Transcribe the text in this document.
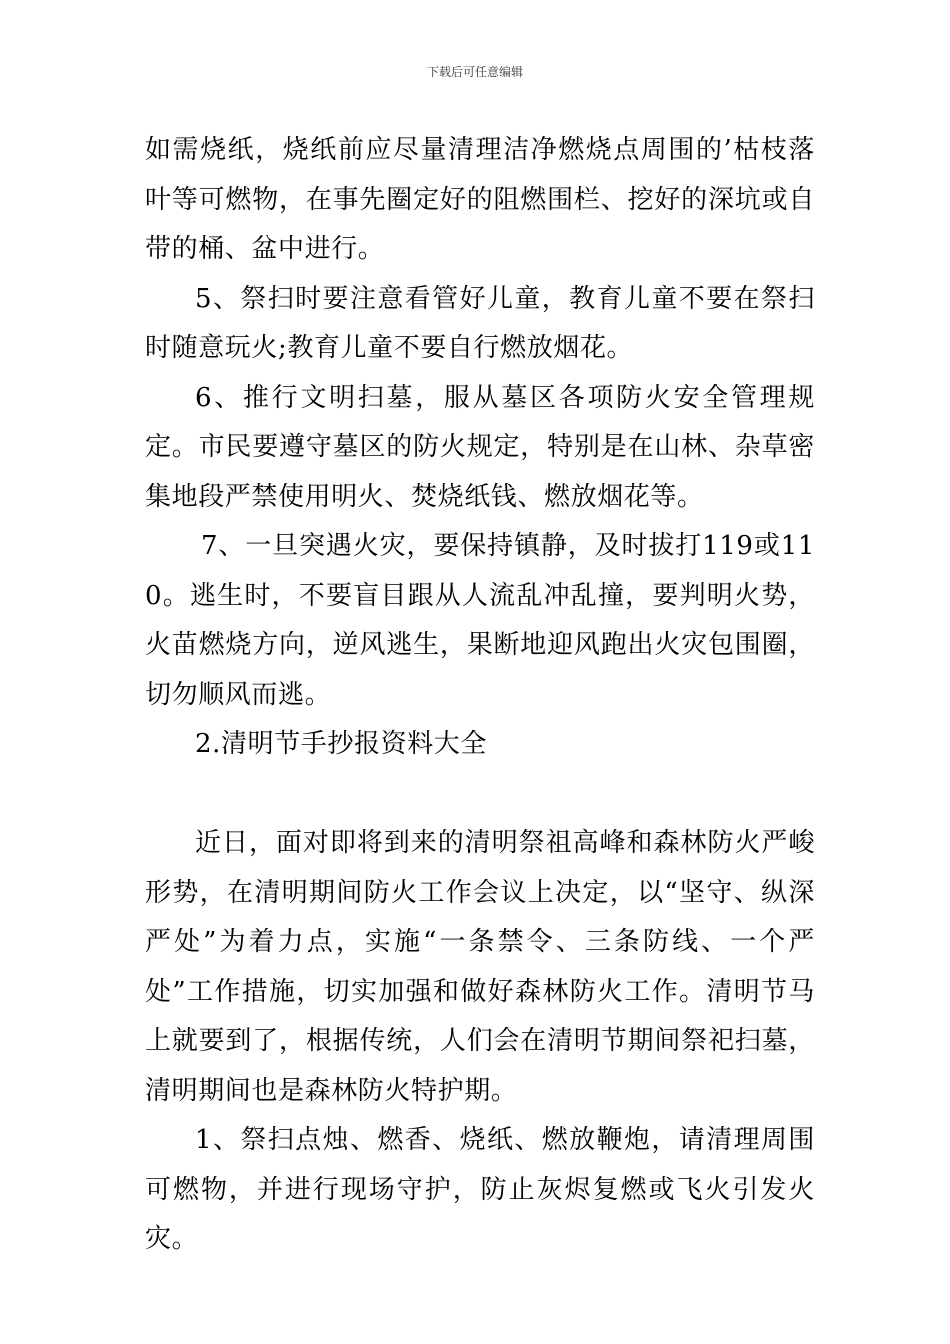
下载后可任意编辑

如需烧纸，烧纸前应尽量清理洁净燃烧点周围的’枯枝落叶等可燃物，在事先圈定好的阻燃围栏、挖好的深坑或自带的桶、盆中进行。

5、祭扫时要注意看管好儿童，教育儿童不要在祭扫时随意玩火;教育儿童不要自行燃放烟花。

6、推行文明扫墓，服从墓区各项防火安全管理规定。市民要遵守墓区的防火规定，特别是在山林、杂草密集地段严禁使用明火、焚烧纸钱、燃放烟花等。

7、一旦突遇火灾，要保持镇静，及时拔打119或110。逃生时，不要盲目跟从人流乱冲乱撞，要判明火势，火苗燃烧方向，逆风逃生，果断地迎风跑出火灾包围圈，切勿顺风而逃。

2.清明节手抄报资料大全

近日，面对即将到来的清明祭祖高峰和森林防火严峻形势，在清明期间防火工作会议上决定，以“坚守、纵深严处”为着力点，实施“一条禁令、三条防线、一个严处”工作措施，切实加强和做好森林防火工作。清明节马上就要到了，根据传统，人们会在清明节期间祭祀扫墓，清明期间也是森林防火特护期。

1、祭扫点烛、燃香、烧纸、燃放鞭炮，请清理周围可燃物，并进行现场守护，防止灰烬复燃或飞火引发火灾。
